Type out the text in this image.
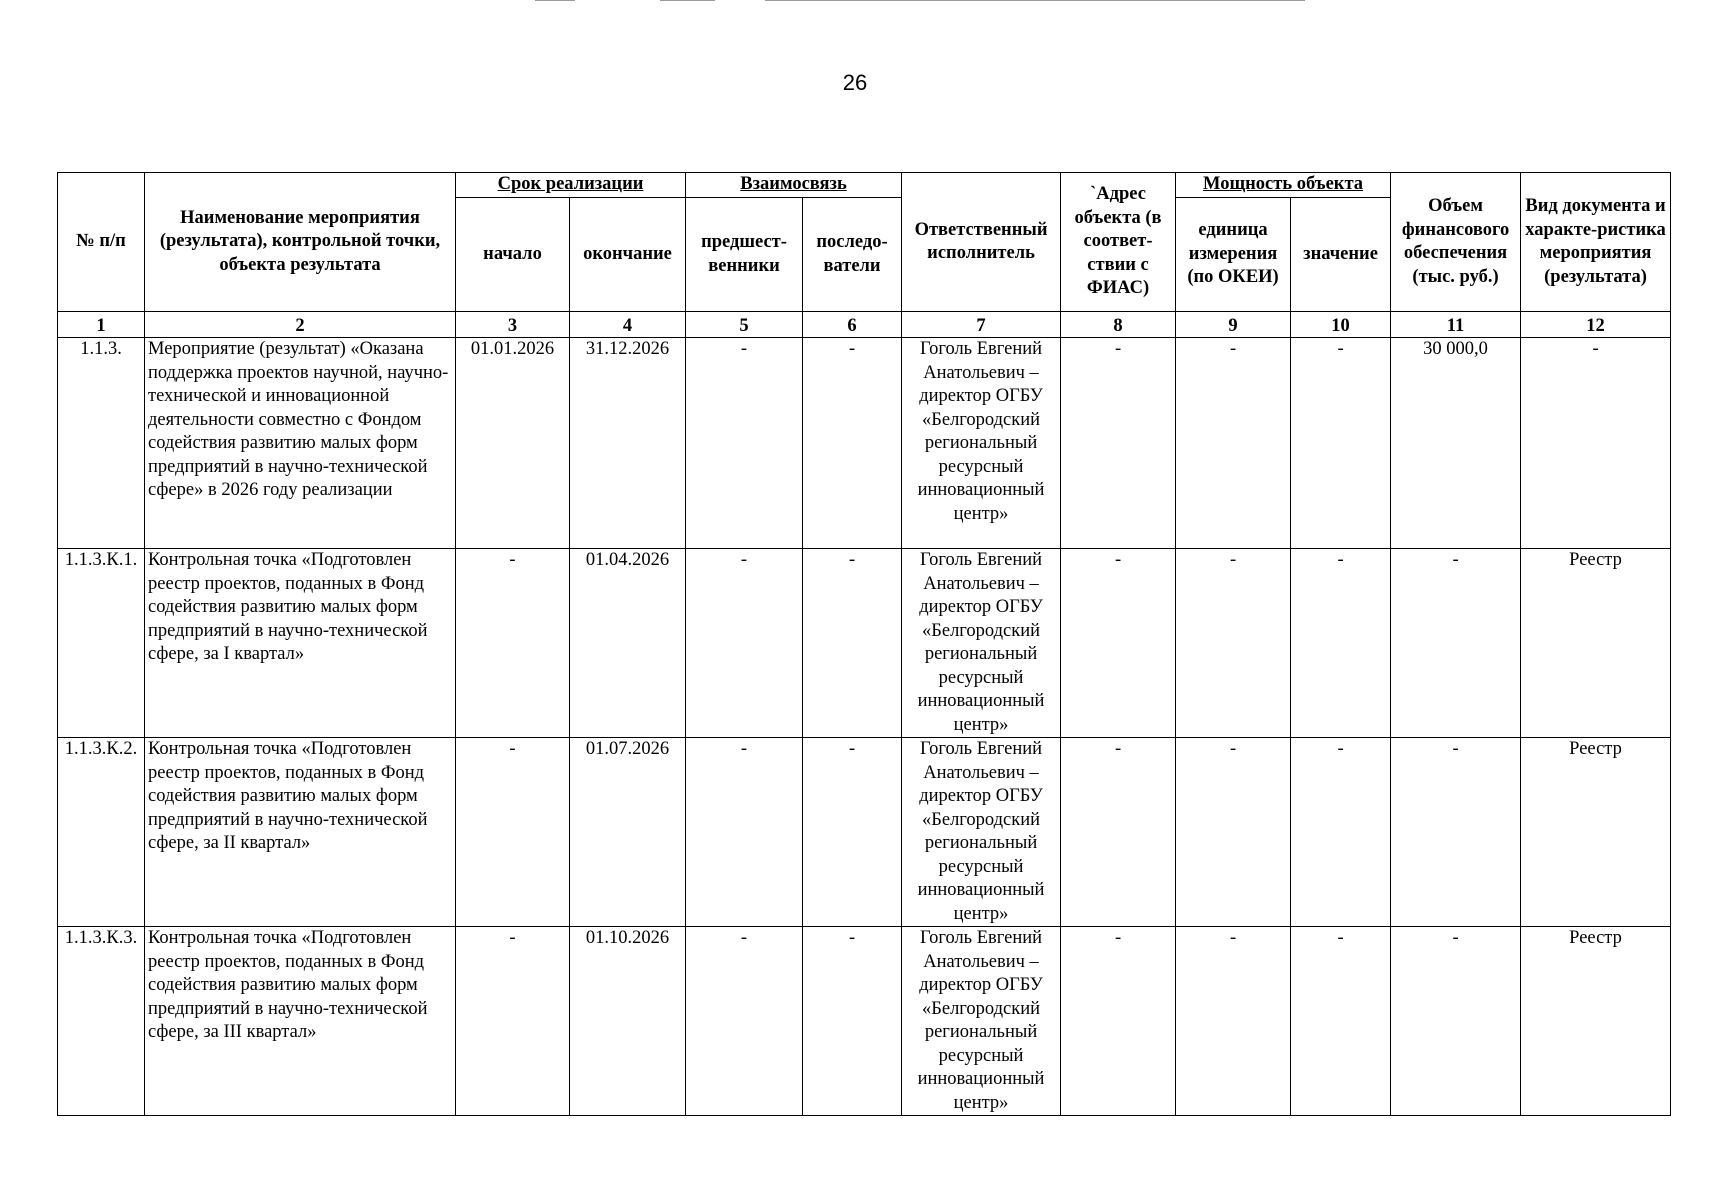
26
№ п/п	Наименование мероприятия (результата), контрольной точки, объекта результата	Срок реализации		Взаимосвязь		Ответственный исполнитель	`Адрес объекта (в соответ-ствии с ФИАС)	Мощность объекта		Объем финансового обеспечения (тыс. руб.)	Вид документа и характе-ристика мероприятия (результата)
		начало	окончание	предшест-венники	последо-ватели			единица измерения (по ОКЕИ)	значение		
1	2	3	4	5	6	7	8	9	10	11	12
1.1.3.	Мероприятие (результат) «Оказана поддержка проектов научной, научно-технической и инновационной деятельности совместно с Фондом содействия развитию малых форм предприятий в научно-технической сфере» в 2026 году реализации	01.01.2026	31.12.2026	-	-	Гоголь Евгений Анатольевич – директор ОГБУ «Белгородский региональный ресурсный инновационный центр»	-	-	-	30 000,0	-
1.1.3.К.1.	Контрольная точка «Подготовлен реестр проектов, поданных в Фонд содействия развитию малых форм предприятий в научно-технической сфере, за I квартал»	-	01.04.2026	-	-	Гоголь Евгений Анатольевич – директор ОГБУ «Белгородский региональный ресурсный инновационный центр»	-	-	-	-	Реестр
1.1.3.К.2.	Контрольная точка «Подготовлен реестр проектов, поданных в Фонд содействия развитию малых форм предприятий в научно-технической сфере, за II квартал»	-	01.07.2026	-	-	Гоголь Евгений Анатольевич – директор ОГБУ «Белгородский региональный ресурсный инновационный центр»	-	-	-	-	Реестр
1.1.3.К.3.	Контрольная точка «Подготовлен реестр проектов, поданных в Фонд содействия развитию малых форм предприятий в научно-технической сфере, за III квартал»	-	01.10.2026	-	-	Гоголь Евгений Анатольевич – директор ОГБУ «Белгородский региональный ресурсный инновационный центр»	-	-	-	-	Реестр
